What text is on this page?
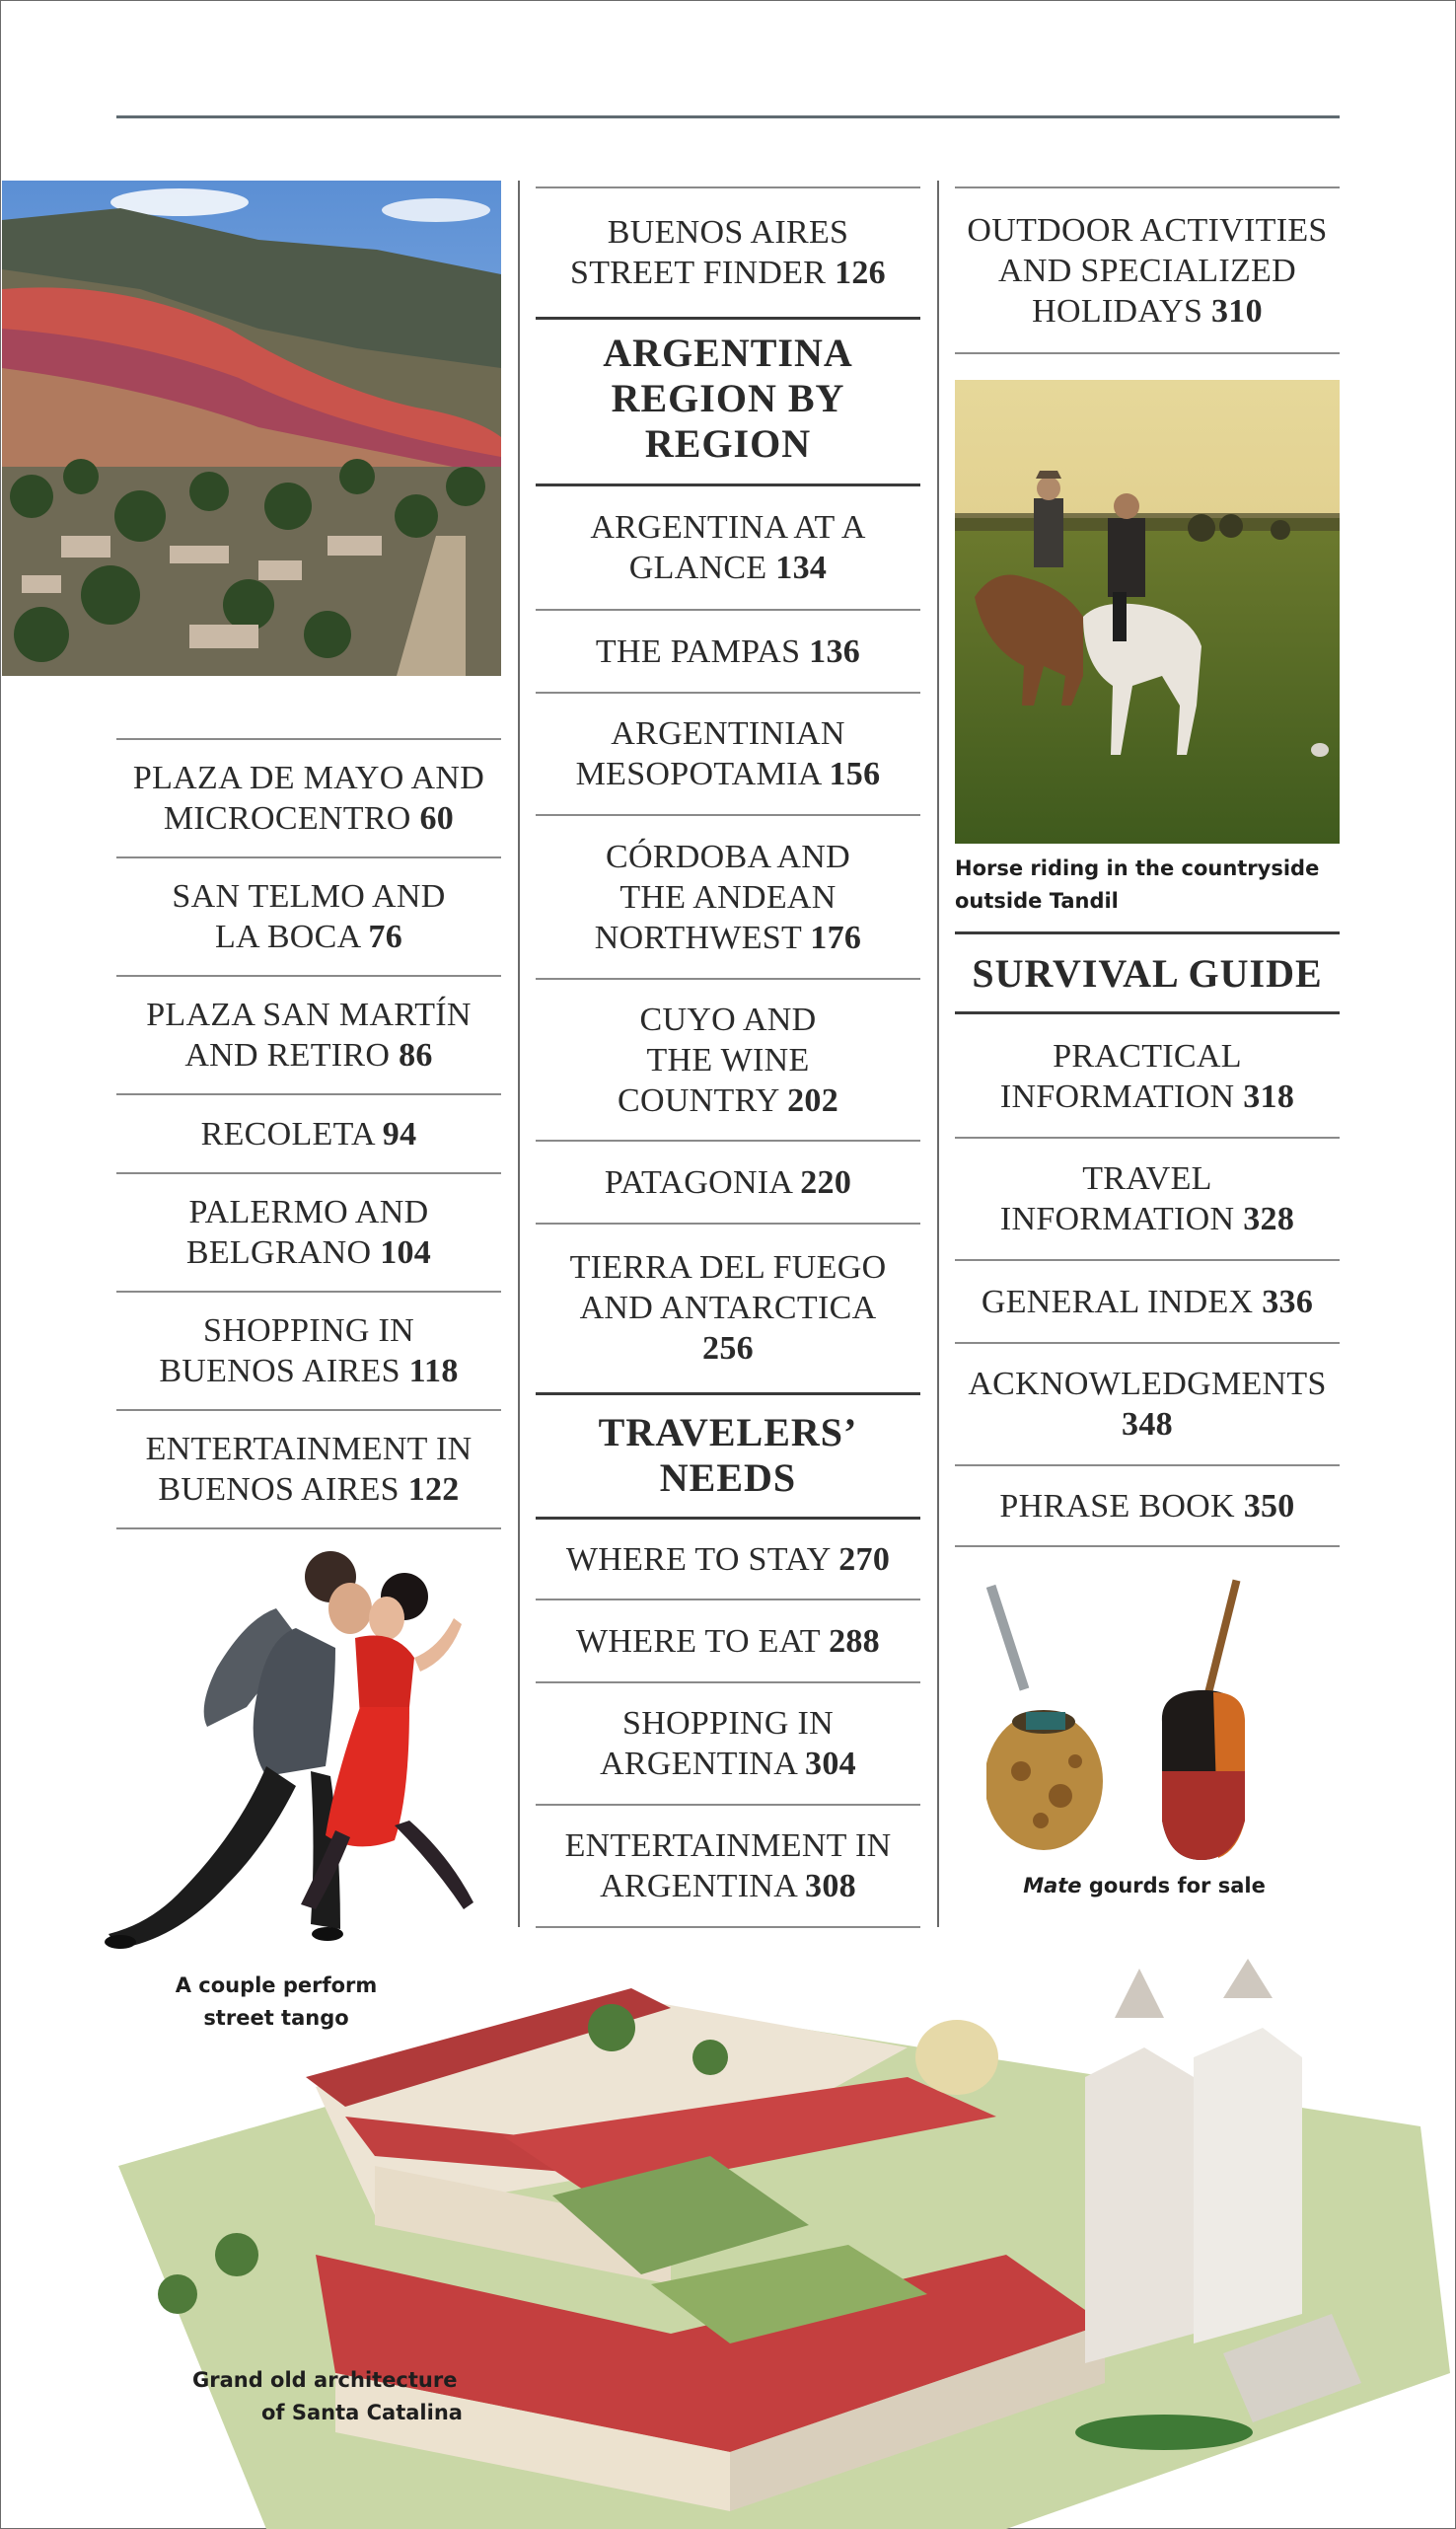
PLAZA DE MAYO AND
MICROCENTRO 60
SAN TELMO AND
LA BOCA 76
PLAZA SAN MARTÍN
AND RETIRO 86
RECOLETA 94
PALERMO AND
BELGRANO 104
SHOPPING IN
BUENOS AIRES 118
ENTERTAINMENT IN
BUENOS AIRES 122
A couple perform
street tango
BUENOS AIRES
STREET FINDER 126
ARGENTINA
REGION BY
REGION
ARGENTINA AT A
GLANCE 134
THE PAMPAS 136
ARGENTINIAN
MESOPOTAMIA 156
CÓRDOBA AND
THE ANDEAN
NORTHWEST 176
CUYO AND
THE WINE
COUNTRY 202
PATAGONIA 220
TIERRA DEL FUEGO
AND ANTARCTICA
256
TRAVELERS’
NEEDS
WHERE TO STAY 270
WHERE TO EAT 288
SHOPPING IN
ARGENTINA 304
ENTERTAINMENT IN
ARGENTINA 308
OUTDOOR ACTIVITIES
AND SPECIALIZED
HOLIDAYS 310
Horse riding in the countryside
outside Tandil
SURVIVAL GUIDE
PRACTICAL
INFORMATION 318
TRAVEL
INFORMATION 328
GENERAL INDEX 336
ACKNOWLEDGMENTS
348
PHRASE BOOK 350
Mate gourds for sale
Grand old architecture
of Santa Catalina
